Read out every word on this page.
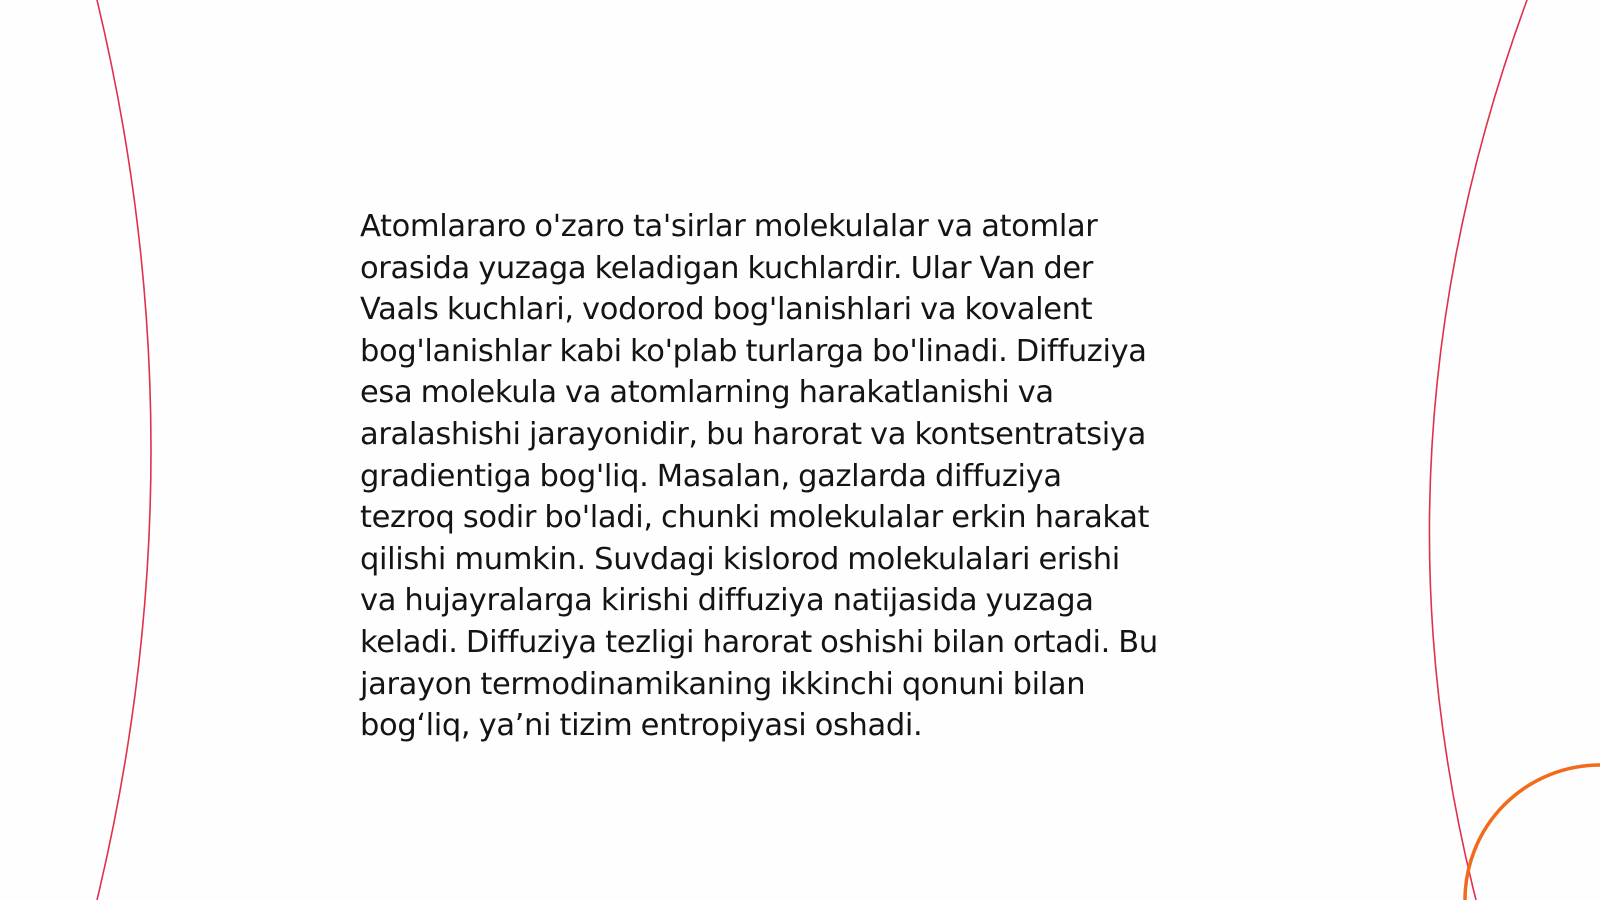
Atomlararo o'zaro ta'sirlar molekulalar va atomlar
orasida yuzaga keladigan kuchlardir. Ular Van der
Vaals kuchlari, vodorod bog'lanishlari va kovalent
bog'lanishlar kabi ko'plab turlarga bo'linadi. Diffuziya
esa molekula va atomlarning harakatlanishi va
aralashishi jarayonidir, bu harorat va kontsentratsiya
gradientiga bog'liq. Masalan, gazlarda diffuziya
tezroq sodir bo'ladi, chunki molekulalar erkin harakat
qilishi mumkin. Suvdagi kislorod molekulalari erishi
va hujayralarga kirishi diffuziya natijasida yuzaga
keladi. Diffuziya tezligi harorat oshishi bilan ortadi. Bu
jarayon termodinamikaning ikkinchi qonuni bilan
bog‘liq, ya’ni tizim entropiyasi oshadi.
